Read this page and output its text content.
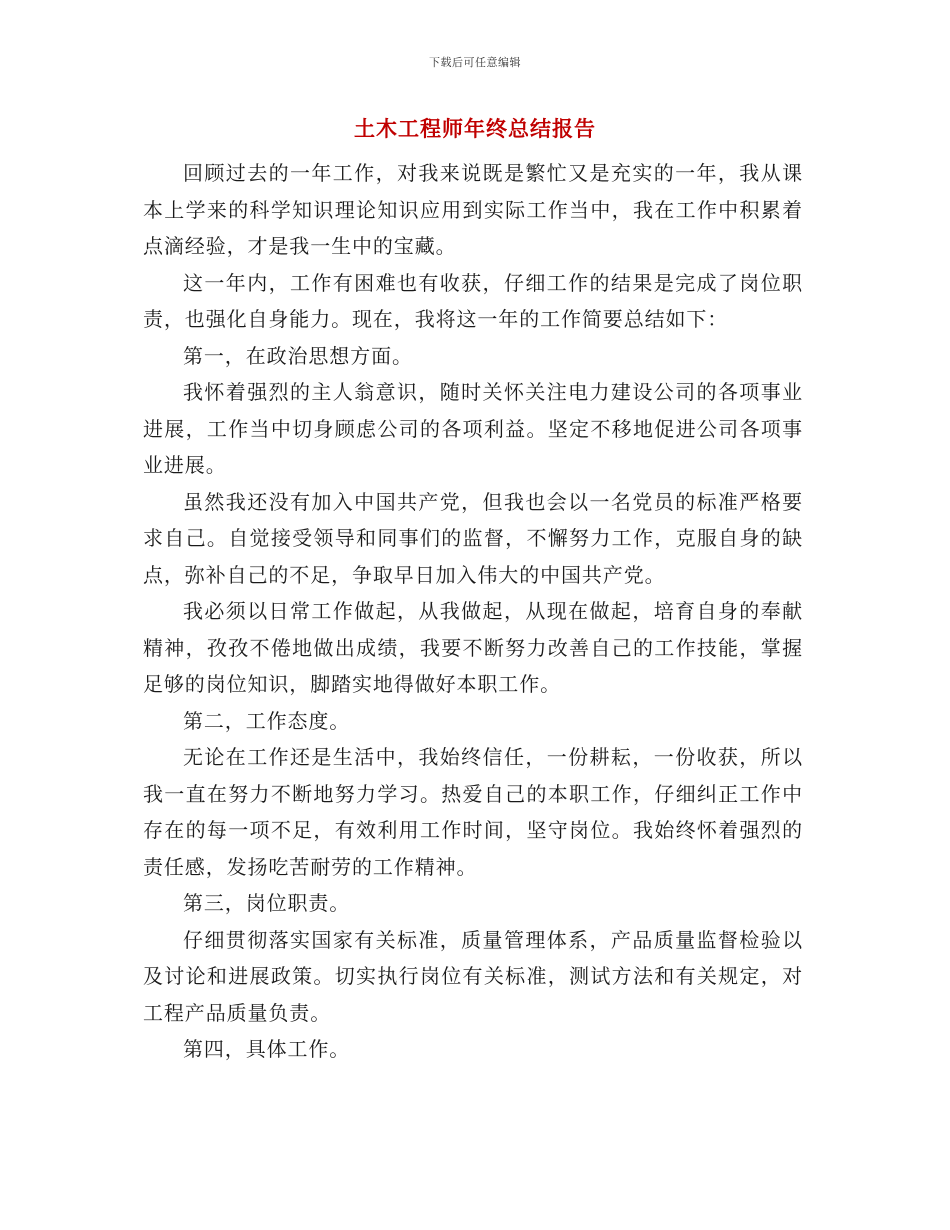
下载后可任意编辑
土木工程师年终总结报告

回顾过去的一年工作，对我来说既是繁忙又是充实的一年，我从课本上学来的科学知识理论知识应用到实际工作当中，我在工作中积累着点滴经验，才是我一生中的宝藏。

这一年内，工作有困难也有收获，仔细工作的结果是完成了岗位职责，也强化自身能力。现在，我将这一年的工作简要总结如下：

第一，在政治思想方面。

我怀着强烈的主人翁意识，随时关怀关注电力建设公司的各项事业进展，工作当中切身顾虑公司的各项利益。坚定不移地促进公司各项事业进展。

虽然我还没有加入中国共产党，但我也会以一名党员的标准严格要求自己。自觉接受领导和同事们的监督，不懈努力工作，克服自身的缺点，弥补自己的不足，争取早日加入伟大的中国共产党。

我必须以日常工作做起，从我做起，从现在做起，培育自身的奉献精神，孜孜不倦地做出成绩，我要不断努力改善自己的工作技能，掌握足够的岗位知识，脚踏实地得做好本职工作。

第二，工作态度。

无论在工作还是生活中，我始终信任，一份耕耘，一份收获，所以我一直在努力不断地努力学习。热爱自己的本职工作，仔细纠正工作中存在的每一项不足，有效利用工作时间，坚守岗位。我始终怀着强烈的责任感，发扬吃苦耐劳的工作精神。

第三，岗位职责。

仔细贯彻落实国家有关标准，质量管理体系，产品质量监督检验以及讨论和进展政策。切实执行岗位有关标准，测试方法和有关规定，对工程产品质量负责。

第四，具体工作。
